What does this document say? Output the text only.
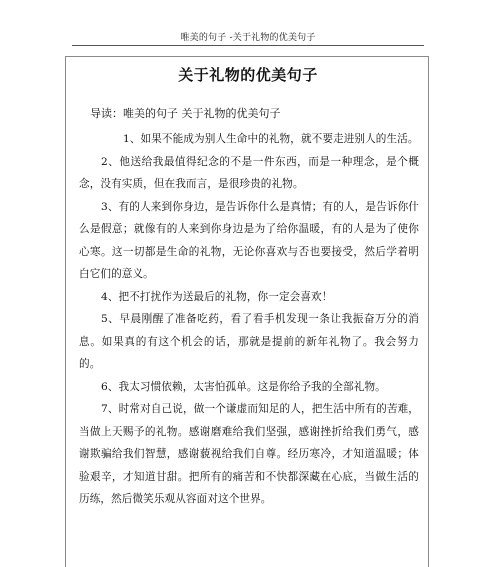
唯美的句子 -关于礼物的优美句子
关于礼物的优美句子
导读：唯美的句子 关于礼物的优美句子

1、如果不能成为别人生命中的礼物，就不要走进别人的生活。

2、他送给我最值得纪念的不是一件东西，而是一种理念，是个概念，没有实质，但在我而言，是很珍贵的礼物。

3、有的人来到你身边，是告诉你什么是真情；有的人，是告诉你什么是假意；就像有的人来到你身边是为了给你温暖，有的人是为了使你心寒。这一切都是生命的礼物，无论你喜欢与否也要接受，然后学着明白它们的意义。

4、把不打扰作为送最后的礼物，你一定会喜欢！

5、早晨刚醒了准备吃药，看了看手机发现一条让我振奋万分的消息。如果真的有这个机会的话，那就是提前的新年礼物了。我会努力的。

6、我太习惯依赖，太害怕孤单。这是你给予我的全部礼物。

7、时常对自己说，做一个谦虚而知足的人，把生活中所有的苦难，当做上天赐予的礼物。感谢磨难给我们坚强，感谢挫折给我们勇气，感谢欺骗给我们智慧，感谢藐视给我们自尊。经历寒冷，才知道温暖；体验艰辛，才知道甘甜。把所有的痛苦和不快都深藏在心底，当做生活的历练，然后微笑乐观从容面对这个世界。
